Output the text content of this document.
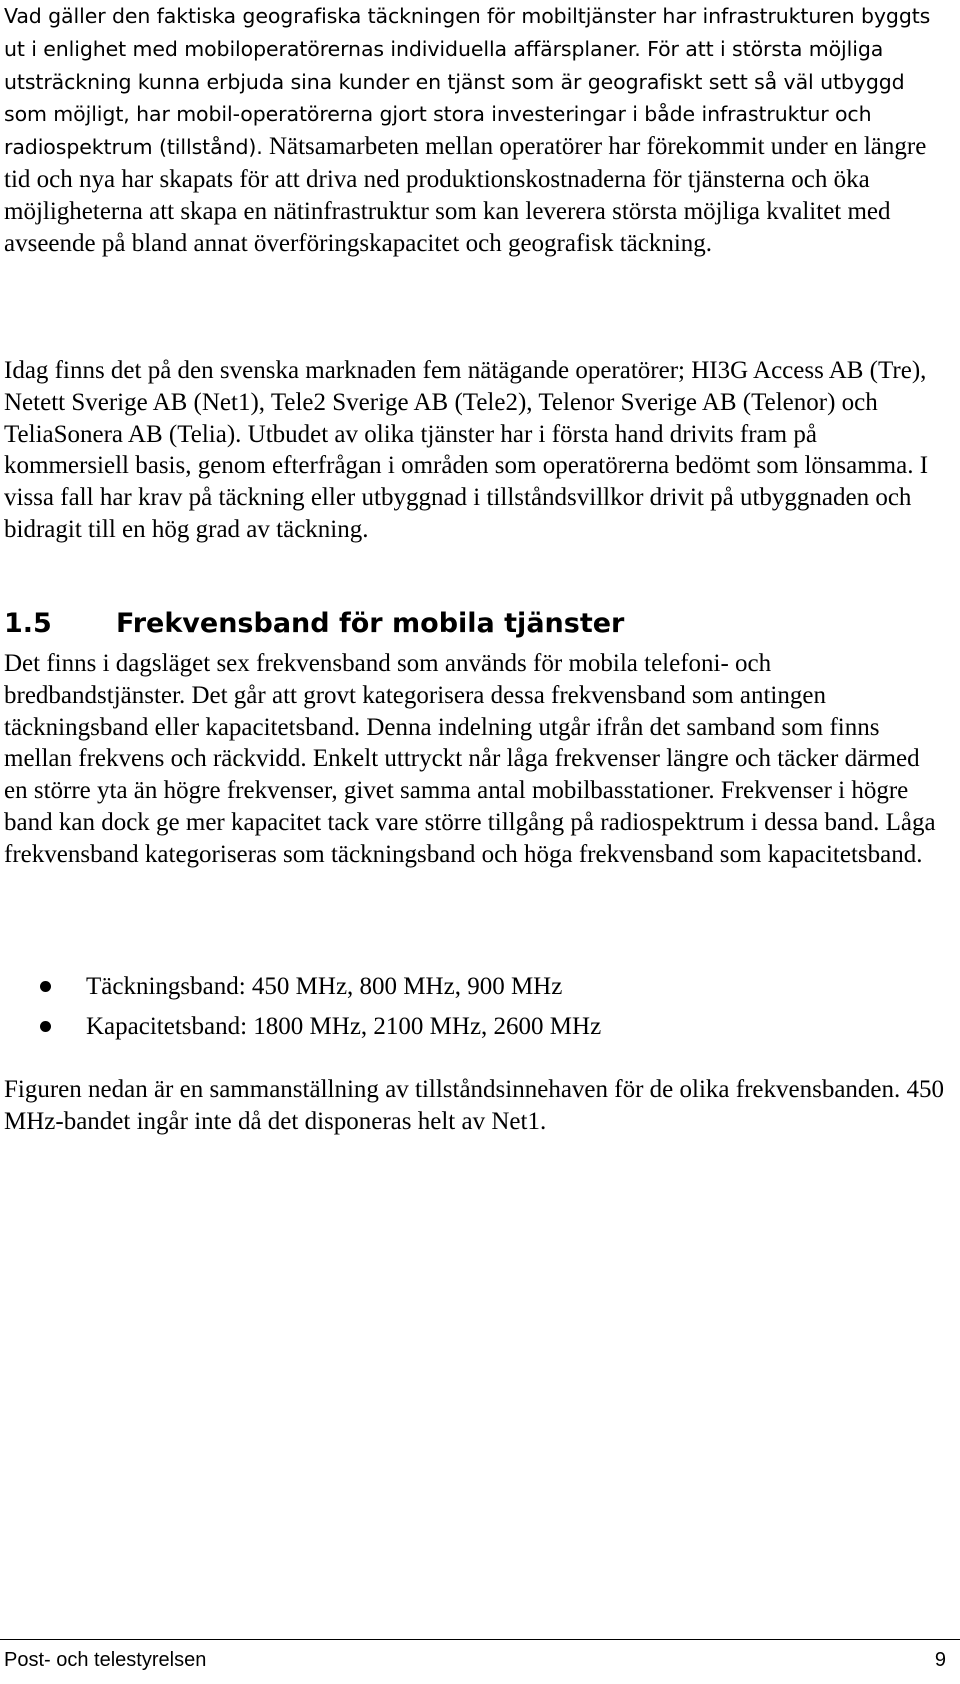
Vad gäller den faktiska geografiska täckningen för mobiltjänster har infrastrukturen byggts ut i enlighet med mobiloperatörernas individuella affärsplaner. För att i största möjliga utsträckning kunna erbjuda sina kunder en tjänst som är geografiskt sett så väl utbyggd som möjligt, har mobil-operatörerna gjort stora investeringar i både infrastruktur och radiospektrum (tillstånd). Nätsamarbeten mellan operatörer har förekommit under en längre tid och nya har skapats för att driva ned produktionskostnaderna för tjänsterna och öka möjligheterna att skapa en nätinfrastruktur som kan leverera största möjliga kvalitet med avseende på bland annat överföringskapacitet och geografisk täckning.

Idag finns det på den svenska marknaden fem nätägande operatörer; HI3G Access AB (Tre), Netett Sverige AB (Net1), Tele2 Sverige AB (Tele2), Telenor Sverige AB (Telenor) och TeliaSonera AB (Telia). Utbudet av olika tjänster har i första hand drivits fram på kommersiell basis, genom efterfrågan i områden som operatörerna bedömt som lönsamma. I vissa fall har krav på täckning eller utbyggnad i tillståndsvillkor drivit på utbyggnaden och bidragit till en hög grad av täckning.

1.5 Frekvensband för mobila tjänster

Det finns i dagsläget sex frekvensband som används för mobila telefoni- och bredbandstjänster. Det går att grovt kategorisera dessa frekvensband som antingen täckningsband eller kapacitetsband. Denna indelning utgår ifrån det samband som finns mellan frekvens och räckvidd. Enkelt uttryckt når låga frekvenser längre och täcker därmed en större yta än högre frekvenser, givet samma antal mobilbasstationer. Frekvenser i högre band kan dock ge mer kapacitet tack vare större tillgång på radiospektrum i dessa band. Låga frekvensband kategoriseras som täckningsband och höga frekvensband som kapacitetsband.

Täckningsband: 450 MHz, 800 MHz, 900 MHz
Kapacitetsband: 1800 MHz, 2100 MHz, 2600 MHz

Figuren nedan är en sammanställning av tillståndsinnehaven för de olika frekvensbanden. 450 MHz-bandet ingår inte då det disponeras helt av Net1.

Post- och telestyrelsen	9
